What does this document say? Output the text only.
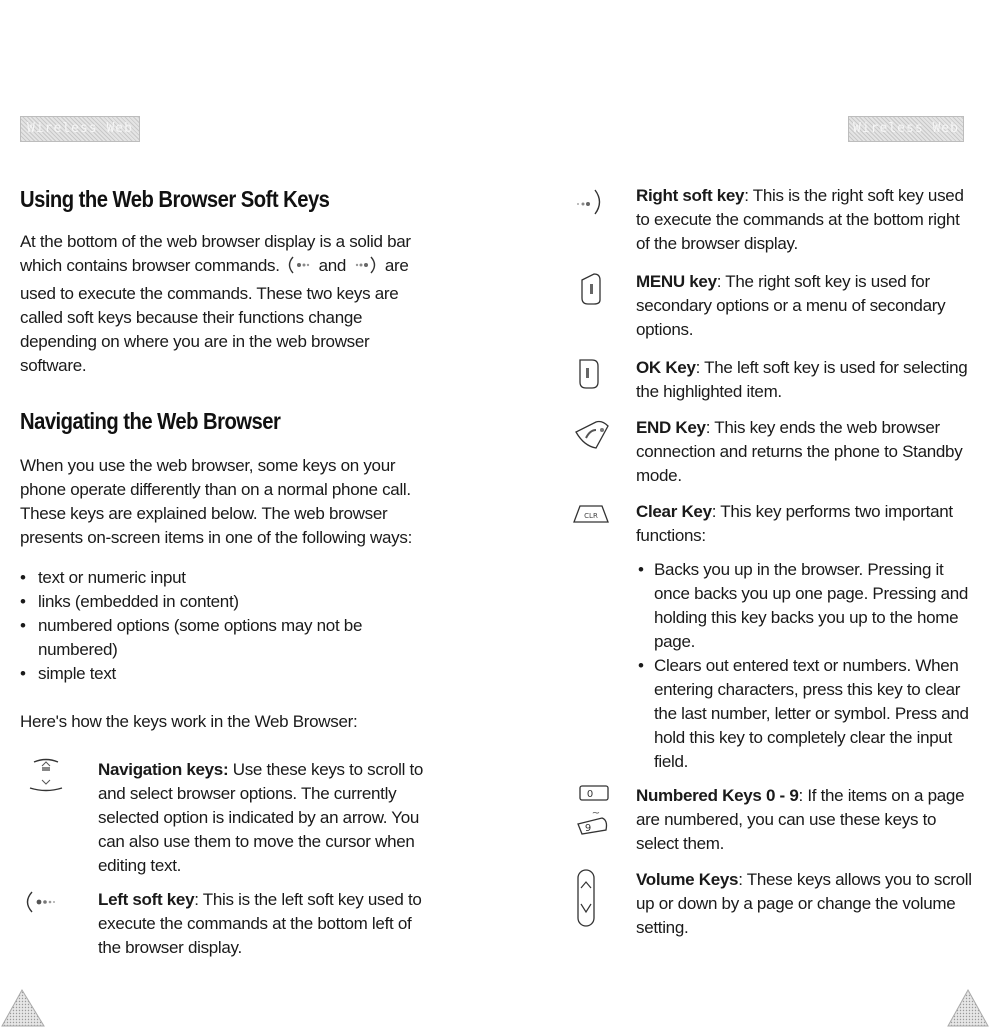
Wireless Web	Wireless Web
Using the Web Browser Soft Keys

At the bottom of the web browser display is a solid bar which contains browser commands. and are used to execute the commands. These two keys are called soft keys because their functions change depending on where you are in the web browser software.

Navigating the Web Browser

When you use the web browser, some keys on your phone operate differently than on a normal phone call. These keys are explained below. The web browser presents on-screen items in one of the following ways:

• text or numeric input
• links (embedded in content)
• numbered options (some options may not be numbered)
• simple text

Here's how the keys work in the Web Browser:

Navigation keys: Use these keys to scroll to and select browser options. The currently selected option is indicated by an arrow. You can also use them to move the cursor when editing text.
Left soft key: This is the left soft key used to execute the commands at the bottom left of the browser display.
Right soft key: This is the right soft key used to execute the commands at the bottom right of the browser display.
MENU key: The right soft key is used for secondary options or a menu of secondary options.
OK Key: The left soft key is used for selecting the highlighted item.
END Key: This key ends the web browser connection and returns the phone to Standby mode.
CLR Clear Key: This key performs two important functions:
• Backs you up in the browser. Pressing it once backs you up one page. Pressing and holding this key backs you up to the home page.
• Clears out entered text or numbers. When entering characters, press this key to clear the last number, letter or symbol. Press and hold this key to completely clear the input field.
0
~
9
Numbered Keys 0 - 9: If the items on a page are numbered, you can use these keys to select them.
Volume Keys: These keys allows you to scroll up or down by a page or change the volume setting.
